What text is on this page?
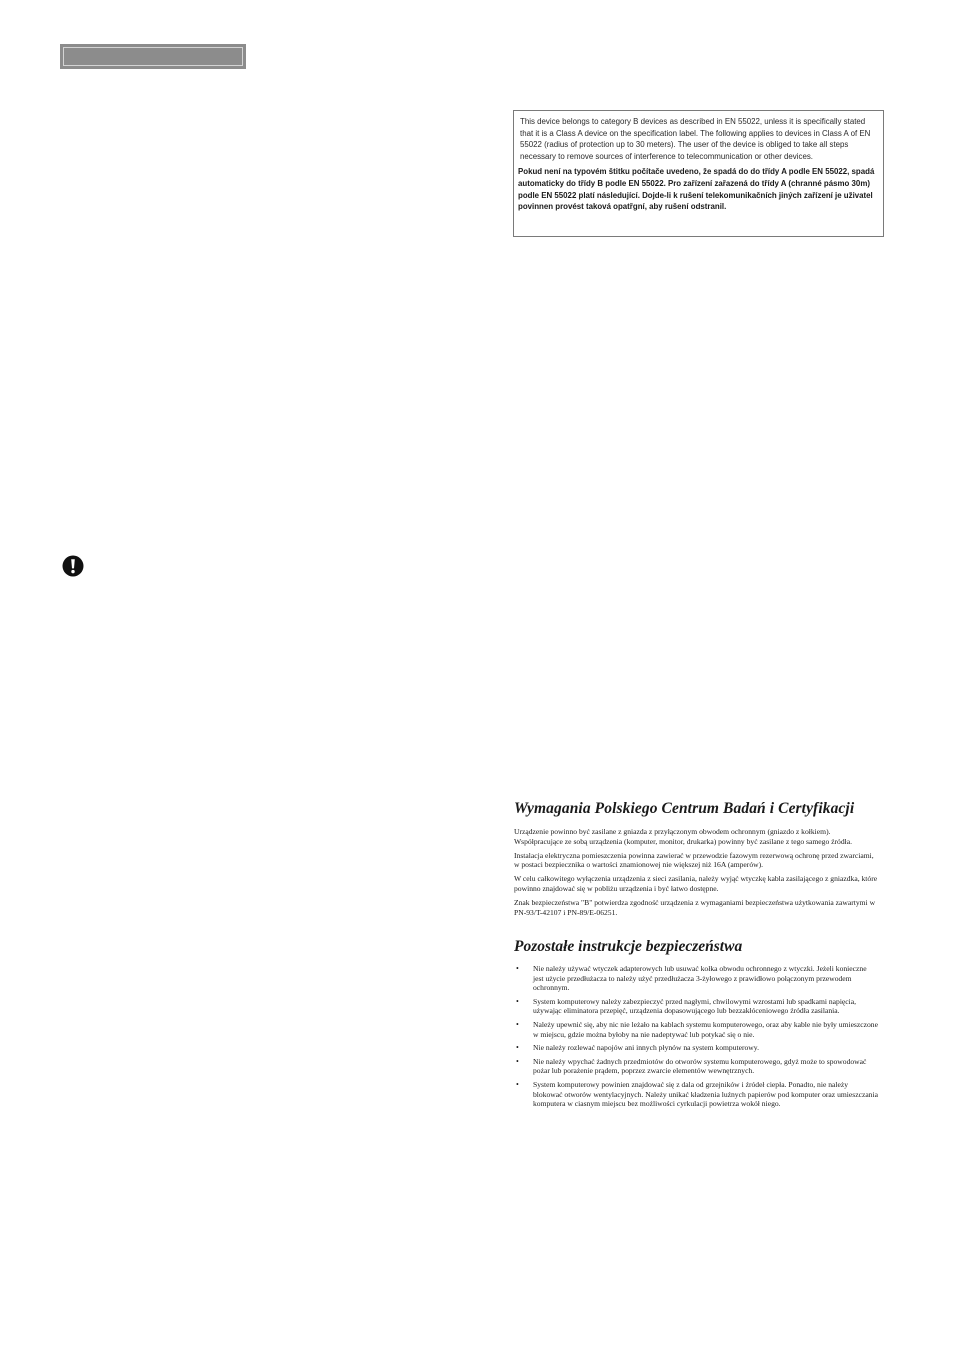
This device belongs to category B devices as described in EN 55022, unless it is specifically stated that it is a Class A device on the specification label. The following applies to devices in Class A of EN 55022 (radius of protection up to 30 meters). The user of the device is obliged to take all steps necessary to remove sources of interference to telecommunication or other devices.

Pokud není na typovém štitku počítače uvedeno, že spadá do do třídy A podle EN 55022, spadá automaticky do třídy B podle EN 55022. Pro zařízení zařazená do třídy A (chranné pásmo 30m) podle EN 55022 platí následující. Dojde-li k rušení telekomunikačních jiných zařízení je uživatel povinnen provést taková opatřgní, aby rušení odstranil.

Wymagania Polskiego Centrum Badań i Certyfikacji

Urządzenie powinno być zasilane z gniazda z przyłączonym obwodem ochronnym (gniazdo z kołkiem). Współpracujące ze sobą urządzenia (komputer, monitor, drukarka) powinny być zasilane z tego samego źródła.

Instalacja elektryczna pomieszczenia powinna zawierać w przewodzie fazowym rezerwową ochronę przed zwarciami, w postaci bezpiecznika o wartości znamionowej nie większej niż 16A (amperów).

W celu całkowitego wyłączenia urządzenia z sieci zasilania, należy wyjąć wtyczkę kabla zasilającego z gniazdka, które powinno znajdować się w pobliżu urządzenia i być łatwo dostępne.

Znak bezpieczeństwa "B" potwierdza zgodność urządzenia z wymaganiami bezpieczeństwa użytkowania zawartymi w PN-93/T-42107 i PN-89/E-06251.

Pozostałe instrukcje bezpieczeństwa
• Nie należy używać wtyczek adapterowych lub usuwać kołka obwodu ochronnego z wtyczki. Jeżeli konieczne jest użycie przedłużacza to należy użyć przedłużacza 3-żyłowego z prawidłowo połączonym przewodem ochronnym.
• System komputerowy należy zabezpieczyć przed nagłymi, chwilowymi wzrostami lub spadkami napięcia, używając eliminatora przepięć, urządzenia dopasowującego lub bezzakłóceniowego źródła zasilania.
• Należy upewnić się, aby nic nie leżało na kablach systemu komputerowego, oraz aby kable nie były umieszczone w miejscu, gdzie można byłoby na nie nadeptywać lub potykać się o nie.
• Nie należy rozlewać napojów ani innych płynów na system komputerowy.
• Nie należy wpychać żadnych przedmiotów do otworów systemu komputerowego, gdyż może to spowodować pożar lub porażenie prądem, poprzez zwarcie elementów wewnętrznych.
• System komputerowy powinien znajdować się z dala od grzejników i źródeł ciepła. Ponadto, nie należy blokować otworów wentylacyjnych. Należy unikać kładzenia luźnych papierów pod komputer oraz umieszczania komputera w ciasnym miejscu bez możliwości cyrkulacji powietrza wokół niego.
